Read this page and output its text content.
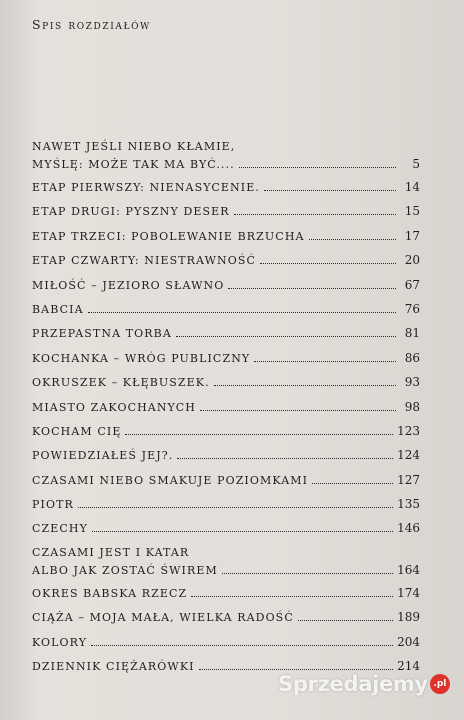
Spis rozdziałów
NAWET JEŚLI NIEBO KŁAMIE,
MYŚLĘ: MOŻE TAK MA BYĆ....	5
ETAP PIERWSZY: NIENASYCENIE.	14
ETAP DRUGI: PYSZNY DESER	15
ETAP TRZECI: POBOLEWANIE BRZUCHA	17
ETAP CZWARTY: NIESTRAWNOŚĆ	20
MIŁOŚĆ – JEZIORO SŁAWNO	67
BABCIA	76
PRZEPASTNA TORBA	81
KOCHANKA – WRÓG PUBLICZNY	86
OKRUSZEK – KŁĘBUSZEK.	93
MIASTO ZAKOCHANYCH	98
KOCHAM CIĘ	123
POWIEDZIAŁEŚ JEJ?.	124
CZASAMI NIEBO SMAKUJE POZIOMKAMI	127
PIOTR	135
CZECHY	146
CZASAMI JEST I KATAR
ALBO JAK ZOSTAĆ ŚWIREM	164
OKRES BABSKA RZECZ	174
CIĄŻA – MOJA MAŁA, WIELKA RADOŚĆ	189
KOLORY	204
DZIENNIK CIĘŻARÓWKI	214
Sprzedajemy .pl
